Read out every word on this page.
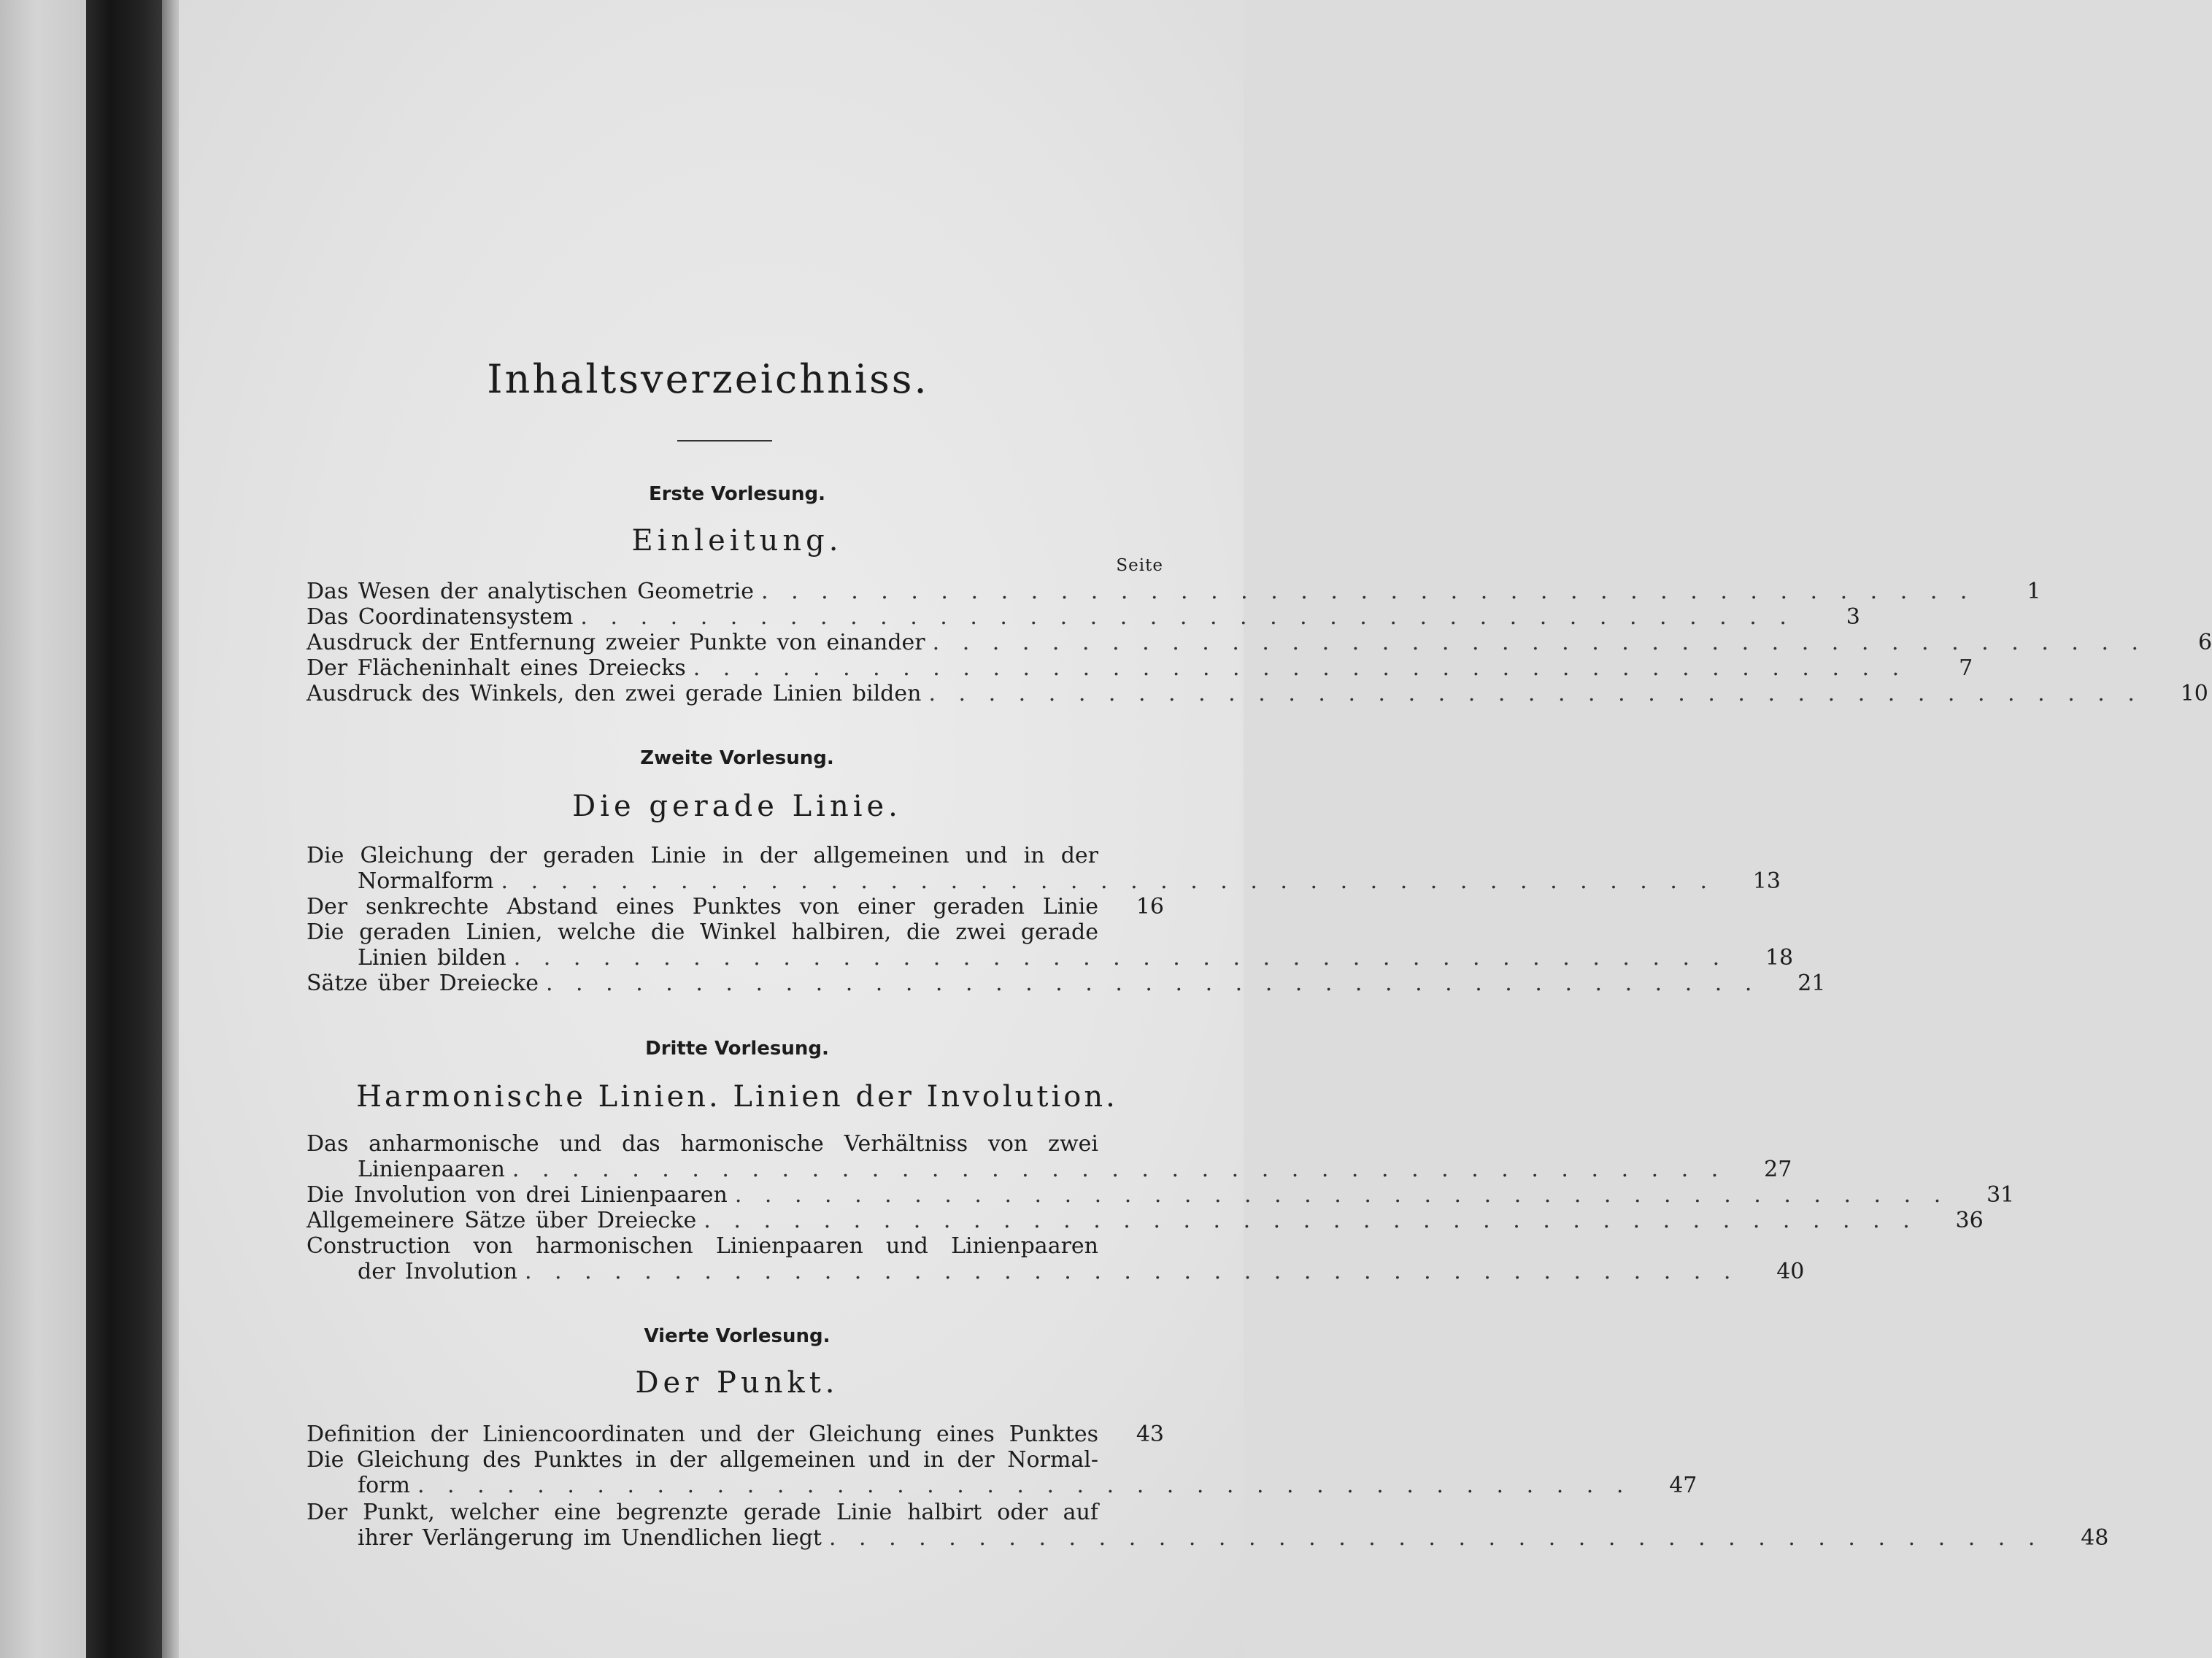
Inhaltsverzeichniss.
Seite
Erste Vorlesung.
Einleitung.
Das Wesen der analytischen Geometrie . . . . . . . . . . . . . . . . . . . . . . . . . . . . . . . . . . . . . . . . .	1
Das Coordinatensystem . . . . . . . . . . . . . . . . . . . . . . . . . . . . . . . . . . . . . . . . .	3
Ausdruck der Entfernung zweier Punkte von einander . . . . . . . . . . . . . . . . . . . . . . . . . . . . . . . . . . . . . . . . .	6
Der Flächeninhalt eines Dreiecks . . . . . . . . . . . . . . . . . . . . . . . . . . . . . . . . . . . . . . . . .	7
Ausdruck des Winkels, den zwei gerade Linien bilden . . . . . . . . . . . . . . . . . . . . . . . . . . . . . . . . . . . . . . . . .	10
Zweite Vorlesung.
Die gerade Linie.
Die Gleichung der geraden Linie in der allgemeinen und in der
Normalform . . . . . . . . . . . . . . . . . . . . . . . . . . . . . . . . . . . . . . . . .	13
Der senkrechte Abstand eines Punktes von einer geraden Linie	16
Die geraden Linien, welche die Winkel halbiren, die zwei gerade
Linien bilden . . . . . . . . . . . . . . . . . . . . . . . . . . . . . . . . . . . . . . . . .	18
Sätze über Dreiecke . . . . . . . . . . . . . . . . . . . . . . . . . . . . . . . . . . . . . . . . .	21
Dritte Vorlesung.
Harmonische Linien. Linien der Involution.
Das anharmonische und das harmonische Verhältniss von zwei
Linienpaaren . . . . . . . . . . . . . . . . . . . . . . . . . . . . . . . . . . . . . . . . .	27
Die Involution von drei Linienpaaren . . . . . . . . . . . . . . . . . . . . . . . . . . . . . . . . . . . . . . . . .	31
Allgemeinere Sätze über Dreiecke . . . . . . . . . . . . . . . . . . . . . . . . . . . . . . . . . . . . . . . . .	36
Construction von harmonischen Linienpaaren und Linienpaaren
der Involution . . . . . . . . . . . . . . . . . . . . . . . . . . . . . . . . . . . . . . . . .	40
Vierte Vorlesung.
Der Punkt.
Definition der Liniencoordinaten und der Gleichung eines Punktes	43
Die Gleichung des Punktes in der allgemeinen und in der Normal-
form . . . . . . . . . . . . . . . . . . . . . . . . . . . . . . . . . . . . . . . . .	47
Der Punkt, welcher eine begrenzte gerade Linie halbirt oder auf
ihrer Verlängerung im Unendlichen liegt . . . . . . . . . . . . . . . . . . . . . . . . . . . . . . . . . . . . . . . . .	48
